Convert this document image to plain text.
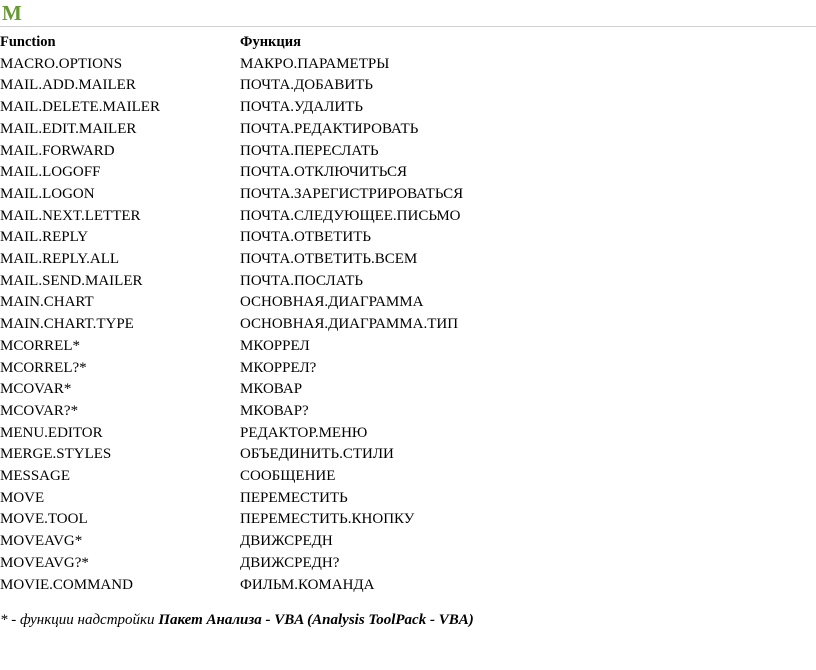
M
Function	Функция
MACRO.OPTIONS	МАКРО.ПАРАМЕТРЫ
MAIL.ADD.MAILER	ПОЧТА.ДОБАВИТЬ
MAIL.DELETE.MAILER	ПОЧТА.УДАЛИТЬ
MAIL.EDIT.MAILER	ПОЧТА.РЕДАКТИРОВАТЬ
MAIL.FORWARD	ПОЧТА.ПЕРЕСЛАТЬ
MAIL.LOGOFF	ПОЧТА.ОТКЛЮЧИТЬСЯ
MAIL.LOGON	ПОЧТА.ЗАРЕГИСТРИРОВАТЬСЯ
MAIL.NEXT.LETTER	ПОЧТА.СЛЕДУЮЩЕЕ.ПИСЬМО
MAIL.REPLY	ПОЧТА.ОТВЕТИТЬ
MAIL.REPLY.ALL	ПОЧТА.ОТВЕТИТЬ.ВСЕМ
MAIL.SEND.MAILER	ПОЧТА.ПОСЛАТЬ
MAIN.CHART	ОСНОВНАЯ.ДИАГРАММА
MAIN.CHART.TYPE	ОСНОВНАЯ.ДИАГРАММА.ТИП
MCORREL*	МКОРРЕЛ
MCORREL?*	МКОРРЕЛ?
MCOVAR*	МКОВАР
MCOVAR?*	МКОВАР?
MENU.EDITOR	РЕДАКТОР.МЕНЮ
MERGE.STYLES	ОБЪЕДИНИТЬ.СТИЛИ
MESSAGE	СООБЩЕНИЕ
MOVE	ПЕРЕМЕСТИТЬ
MOVE.TOOL	ПЕРЕМЕСТИТЬ.КНОПКУ
MOVEAVG*	ДВИЖСРЕДН
MOVEAVG?*	ДВИЖСРЕДН?
MOVIE.COMMAND	ФИЛЬМ.КОМАНДА
* - функции надстройки Пакет Анализа - VBA (Analysis ToolPack - VBA)
